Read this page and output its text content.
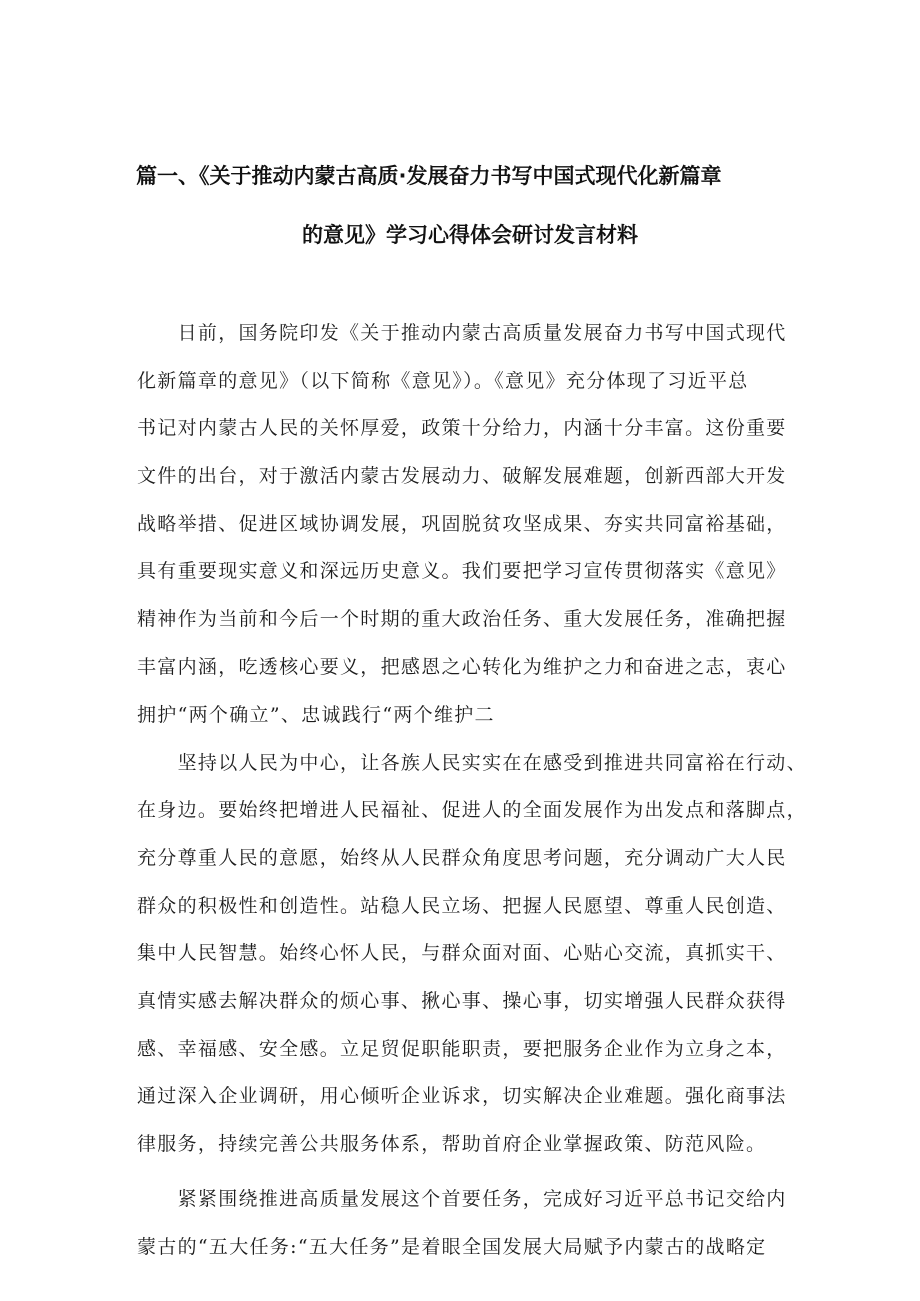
篇一、《关于推动内蒙古高质·发展奋力书写中国式现代化新篇章
的意见》学习心得体会研讨发言材料
　　日前，国务院印发《关于推动内蒙古高质量发展奋力书写中国式现代
化新篇章的意见》（以下简称《意见》）。《意见》充分体现了习近平总
书记对内蒙古人民的关怀厚爱，政策十分给力，内涵十分丰富。这份重要
文件的出台，对于激活内蒙古发展动力、破解发展难题，创新西部大开发
战略举措、促进区域协调发展，巩固脱贫攻坚成果、夯实共同富裕基础，
具有重要现实意义和深远历史意义。我们要把学习宣传贯彻落实《意见》
精神作为当前和今后一个时期的重大政治任务、重大发展任务，准确把握
丰富内涵，吃透核心要义，把感恩之心转化为维护之力和奋进之志，衷心
拥护“两个确立”、忠诚践行“两个维护二
　　坚持以人民为中心，让各族人民实实在在感受到推进共同富裕在行动、
在身边。要始终把增进人民福祉、促进人的全面发展作为出发点和落脚点，
充分尊重人民的意愿，始终从人民群众角度思考问题，充分调动广大人民
群众的积极性和创造性。站稳人民立场、把握人民愿望、尊重人民创造、
集中人民智慧。始终心怀人民，与群众面对面、心贴心交流，真抓实干、
真情实感去解决群众的烦心事、揪心事、操心事，切实增强人民群众获得
感、幸福感、安全感。立足贸促职能职责，要把服务企业作为立身之本，
通过深入企业调研，用心倾听企业诉求，切实解决企业难题。强化商事法
律服务，持续完善公共服务体系，帮助首府企业掌握政策、防范风险。
　　紧紧围绕推进高质量发展这个首要任务，完成好习近平总书记交给内
蒙古的“五大任务:“五大任务”是着眼全国发展大局赋予内蒙古的战略定
